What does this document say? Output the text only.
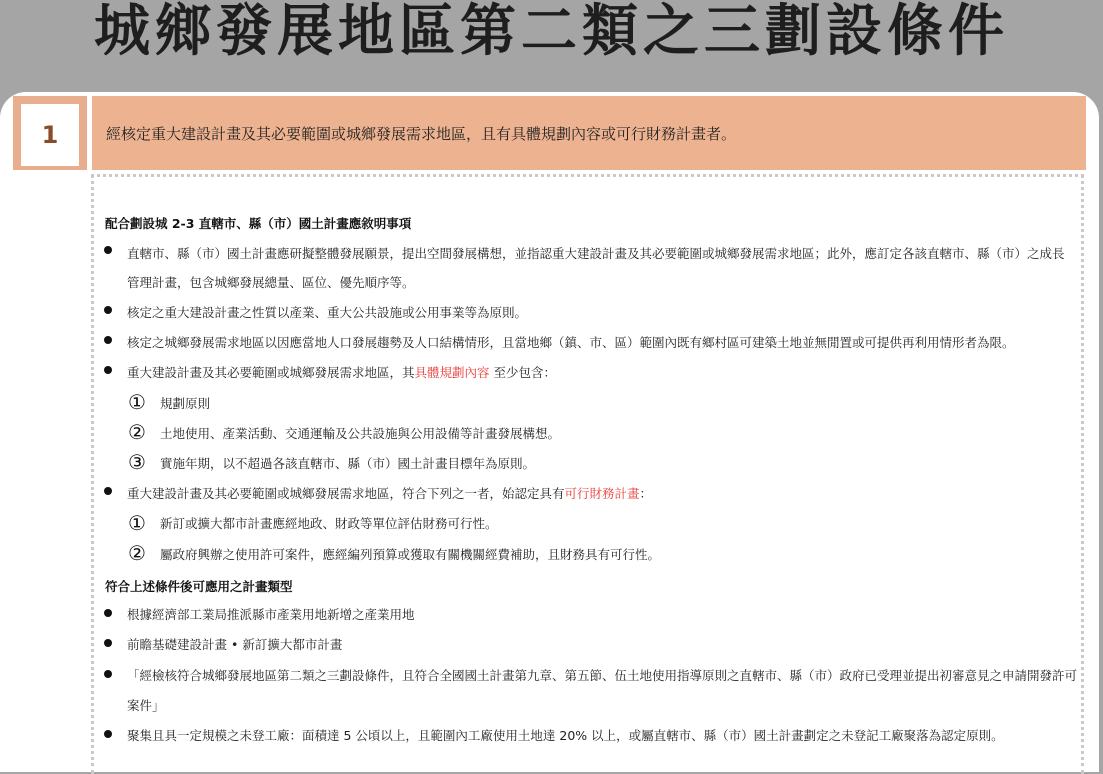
城鄉發展地區第二類之三劃設條件
1	經核定重大建設計畫及其必要範圍或城鄉發展需求地區，且有具體規劃內容或可行財務計畫者。
配合劃設城 2-3 直轄市、縣（市）國土計畫應敘明事項
直轄市、縣（市）國土計畫應研擬整體發展願景，提出空間發展構想，並指認重大建設計畫及其必要範圍或城鄉發展需求地區；此外，應訂定各該直轄市、縣（市）之成長
管理計畫，包含城鄉發展總量、區位、優先順序等。
核定之重大建設計畫之性質以產業、重大公共設施或公用事業等為原則。
核定之城鄉發展需求地區以因應當地人口發展趨勢及人口結構情形，且當地鄉（鎮、市、區）範圍內既有鄉村區可建築土地並無閒置或可提供再利用情形者為限。
重大建設計畫及其必要範圍或城鄉發展需求地區，其具體規劃內容 至少包含：
① 規劃原則
② 土地使用、產業活動、交通運輸及公共設施與公用設備等計畫發展構想。
③ 實施年期，以不超過各該直轄市、縣（市）國土計畫目標年為原則。
重大建設計畫及其必要範圍或城鄉發展需求地區，符合下列之一者，始認定具有可行財務計畫：
① 新訂或擴大都市計畫應經地政、財政等單位評估財務可行性。
② 屬政府興辦之使用許可案件，應經編列預算或獲取有關機關經費補助，且財務具有可行性。
符合上述條件後可應用之計畫類型
根據經濟部工業局推派縣市產業用地新增之產業用地
前瞻基礎建設計畫 • 新訂擴大都市計畫
「經檢核符合城鄉發展地區第二類之三劃設條件，且符合全國國土計畫第九章、第五節、伍土地使用指導原則之直轄市、縣（市）政府已受理並提出初審意見之申請開發許可
案件」
聚集且具一定規模之未登工廠：面積達 5 公頃以上，且範圍內工廠使用土地達 20% 以上，或屬直轄市、縣（市）國土計畫劃定之未登記工廠聚落為認定原則。
